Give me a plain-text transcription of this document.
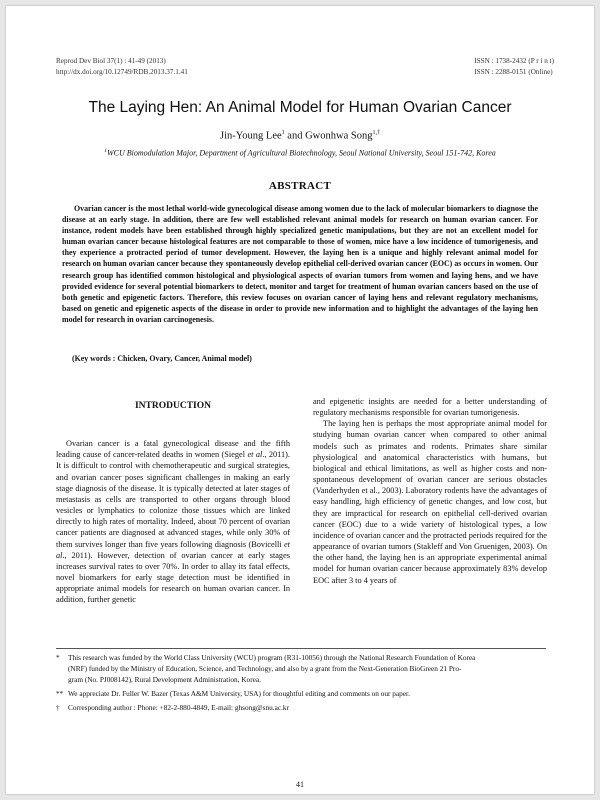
Reprod Dev Biol 37(1) : 41-49 (2013)
http://dx.doi.org/10.12749/RDB.2013.37.1.41
ISSN : 1738-2432 (P r i n t)
ISSN : 2288-0151 (Online)
The Laying Hen: An Animal Model for Human Ovarian Cancer
Jin-Young Lee$^1$ and Gwonhwa Song$^{1,\dagger}$
$^1$WCU Biomodulation Major, Department of Agricultural Biotechnology, Seoul National University, Seoul 151-742, Korea
ABSTRACT

Ovarian cancer is the most lethal world-wide gynecological disease among women due to the lack of molecular biomarkers to diagnose the disease at an early stage. In addition, there are few well established relevant animal models for research on human ovarian cancer. For instance, rodent models have been established through highly specialized genetic manipulations, but they are not an excellent model for human ovarian cancer because histological features are not comparable to those of women, mice have a low incidence of tumorigenesis, and they experience a protracted period of tumor development. However, the laying hen is a unique and highly relevant animal model for research on human ovarian cancer because they spontaneously develop epithelial cell-derived ovarian cancer (EOC) as occurs in women. Our research group has identified common histological and physiological aspects of ovarian tumors from women and laying hens, and we have provided evidence for several potential biomarkers to detect, monitor and target for treatment of human ovarian cancers based on the use of both genetic and epigenetic factors. Therefore, this review focuses on ovarian cancer of laying hens and relevant regulatory mechanisms, based on genetic and epigenetic aspects of the disease in order to provide new information and to highlight the advantages of the laying hen model for research in ovarian carcinogenesis.

(Key words : Chicken, Ovary, Cancer, Animal model)

INTRODUCTION

Ovarian cancer is a fatal gynecological disease and the fifth leading cause of cancer-related deaths in women (Siegel et al., 2011). It is difficult to control with chemotherapeutic and surgical strategies, and ovarian cancer poses significant challenges in making an early stage diagnosis of the disease. It is typically detected at later stages of metastasis as cells are transported to other organs through blood vesicles or lymphatics to colonize those tissues which are linked directly to high rates of mortality. Indeed, about 70 percent of ovarian cancer patients are diagnosed at advanced stages, while only 30% of them survives longer than five years following diagnosis (Bovicelli et al., 2011). However, detection of ovarian cancer at early stages increases survival rates to over 70%. In order to allay its fatal effects, novel biomarkers for early stage detection must be identified in appropriate animal models for research on human ovarian cancer. In addition, further genetic

and epigenetic insights are needed for a better understanding of regulatory mechanisms responsible for ovarian tumorigenesis.

The laying hen is perhaps the most appropriate animal model for studying human ovarian cancer when compared to other animal models such as primates and rodents. Primates share similar physiological and anatomical characteristics with humans, but biological and ethical limitations, as well as higher costs and non-spontaneous development of ovarian cancer are serious obstacles (Vanderhyden et al., 2003). Laboratory rodents have the advantages of easy handling, high efficiency of genetic changes, and low cost, but they are impractical for research on epithelial cell-derived ovarian cancer (EOC) due to a wide variety of histological types, a low incidence of ovarian cancer and the protracted periods required for the appearance of ovarian tumors (Stakleff and Von Gruenigen, 2003). On the other hand, the laying hen is an appropriate experimental animal model for human ovarian cancer because approximately 83% develop EOC after 3 to 4 years of

* This research was funded by the World Class University (WCU) program (R31-10056) through the National Research Foundation of Korea
(NRF) funded by the Ministry of Education, Science, and Technology, and also by a grant from the Next-Generation BioGreen 21 Pro-
gram (No. PJ008142), Rural Development Administration, Korea.
** We appreciate Dr. Fuller W. Bazer (Texas A&M University, USA) for thoughtful editing and comments on our paper.
† Corresponding author : Phone: +82-2-880-4849, E-mail: ghsong@snu.ac.kr
41
